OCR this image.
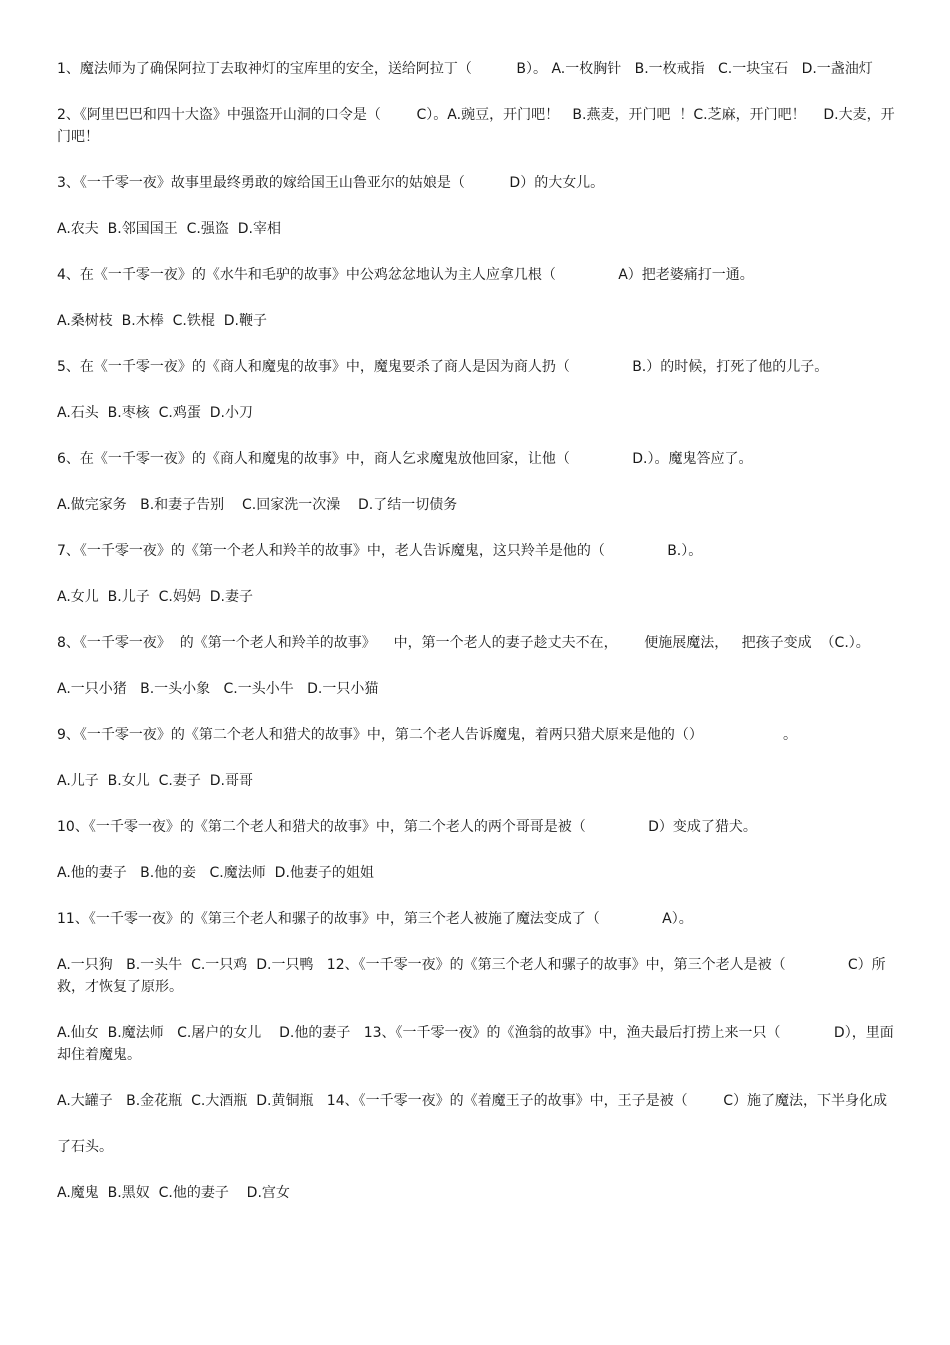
1、魔法师为了确保阿拉丁去取神灯的宝库里的安全，送给阿拉丁（          B）。 A.一枚胸针   B.一枚戒指   C.一块宝石   D.一盏油灯

2、《阿里巴巴和四十大盗》中强盗开山洞的口令是（        C）。A.豌豆，开门吧！   B.燕麦，开门吧  ！C.芝麻，开门吧！    D.大麦，开门吧！

3、《一千零一夜》故事里最终勇敢的嫁给国王山鲁亚尔的姑娘是（          D）的大女儿。

A.农夫  B.邻国国王  C.强盗  D.宰相

4、在《一千零一夜》的《水牛和毛驴的故事》中公鸡忿忿地认为主人应拿几根（              A）把老婆痛打一通。

A.桑树枝  B.木棒  C.铁棍  D.鞭子

5、在《一千零一夜》的《商人和魔鬼的故事》中，魔鬼要杀了商人是因为商人扔（              B.）的时候，打死了他的儿子。

A.石头  B.枣核  C.鸡蛋  D.小刀

6、在《一千零一夜》的《商人和魔鬼的故事》中，商人乞求魔鬼放他回家，让他（              D.）。魔鬼答应了。

A.做完家务   B.和妻子告别    C.回家洗一次澡    D.了结一切债务

7、《一千零一夜》的《第一个老人和羚羊的故事》中，老人告诉魔鬼，这只羚羊是他的（              B.）。

A.女儿  B.儿子  C.妈妈  D.妻子

8、《一千零一夜》  的《第一个老人和羚羊的故事》    中，第一个老人的妻子趁丈夫不在，      便施展魔法，   把孩子变成  （C.）。

A.一只小猪   B.一头小象   C.一头小牛   D.一只小猫

9、《一千零一夜》的《第二个老人和猎犬的故事》中，第二个老人告诉魔鬼，着两只猎犬原来是他的（）                  。

A.儿子  B.女儿  C.妻子  D.哥哥

10、《一千零一夜》的《第二个老人和猎犬的故事》中，第二个老人的两个哥哥是被（              D）变成了猎犬。

A.他的妻子   B.他的妾   C.魔法师  D.他妻子的姐姐

11、《一千零一夜》的《第三个老人和骡子的故事》中，第三个老人被施了魔法变成了（              A）。

A.一只狗   B.一头牛  C.一只鸡  D.一只鸭   12、《一千零一夜》的《第三个老人和骡子的故事》中，第三个老人是被（              C）所救，才恢复了原形。

A.仙女  B.魔法师   C.屠户的女儿    D.他的妻子   13、《一千零一夜》的《渔翁的故事》中，渔夫最后打捞上来一只（            D），里面却住着魔鬼。

A.大罐子   B.金花瓶  C.大酒瓶  D.黄铜瓶   14、《一千零一夜》的《着魔王子的故事》中，王子是被（        C）施了魔法，下半身化成

了石头。

A.魔鬼  B.黑奴  C.他的妻子    D.宫女
